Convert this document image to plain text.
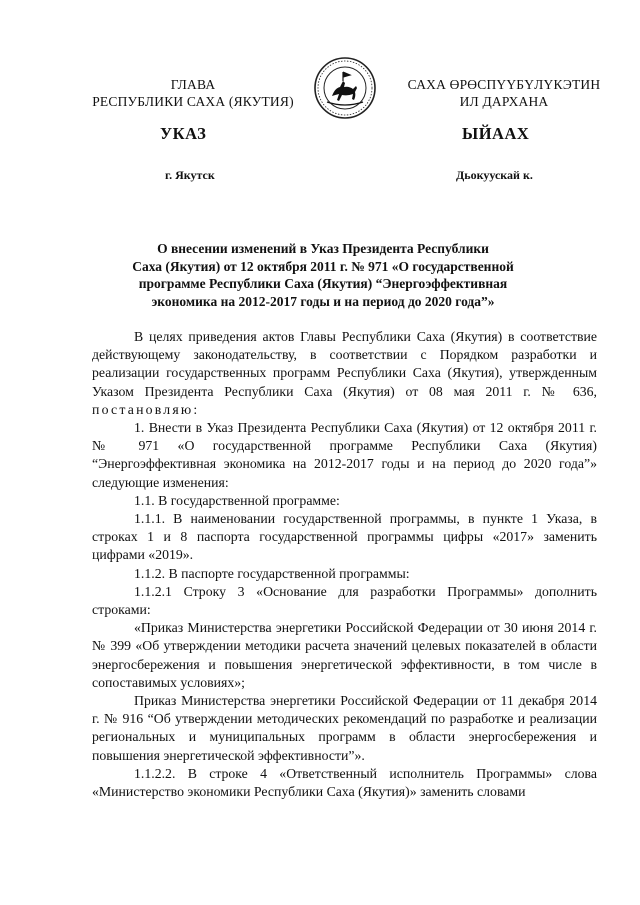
ГЛАВА
РЕСПУБЛИКИ САХА (ЯКУТИЯ)
САХА ӨРӨСПҮҮБҮЛҮКЭТИН
ИЛ ДАРХАНА
УКАЗ	ЫЙААХ
г. Якутск	Дьокуускай к.
О внесении изменений в Указ Президента Республики
Саха (Якутия) от 12 октября 2011 г. № 971 «О государственной
программе Республики Саха (Якутия) “Энергоэффективная
экономика на 2012-2017 годы и на период до 2020 года”»

В целях приведения актов Главы Республики Саха (Якутия) в соответствие действующему законодательству, в соответствии с Порядком разработки и реализации государственных программ Республики Саха (Якутия), утвержденным Указом Президента Республики Саха (Якутия) от 08 мая 2011 г. № 636, постановляю:

1. Внести в Указ Президента Республики Саха (Якутия) от 12 октября 2011 г. № 971 «О государственной программе Республики Саха (Якутия) “Энергоэффективная экономика на 2012-2017 годы и на период до 2020 года”» следующие изменения:

1.1. В государственной программе:

1.1.1. В наименовании государственной программы, в пункте 1 Указа, в строках 1 и 8 паспорта государственной программы цифры «2017» заменить цифрами «2019».

1.1.2. В паспорте государственной программы:

1.1.2.1 Строку 3 «Основание для разработки Программы» дополнить строками:

«Приказ Министерства энергетики Российской Федерации от 30 июня 2014 г. № 399 «Об утверждении методики расчета значений целевых показателей в области энергосбережения и повышения энергетической эффективности, в том числе в сопоставимых условиях»;

Приказ Министерства энергетики Российской Федерации от 11 декабря 2014 г. № 916 “Об утверждении методических рекомендаций по разработке и реализации региональных и муниципальных программ в области энергосбережения и повышения энергетической эффективности”».

1.1.2.2. В строке 4 «Ответственный исполнитель Программы» слова «Министерство экономики Республики Саха (Якутия)» заменить словами
